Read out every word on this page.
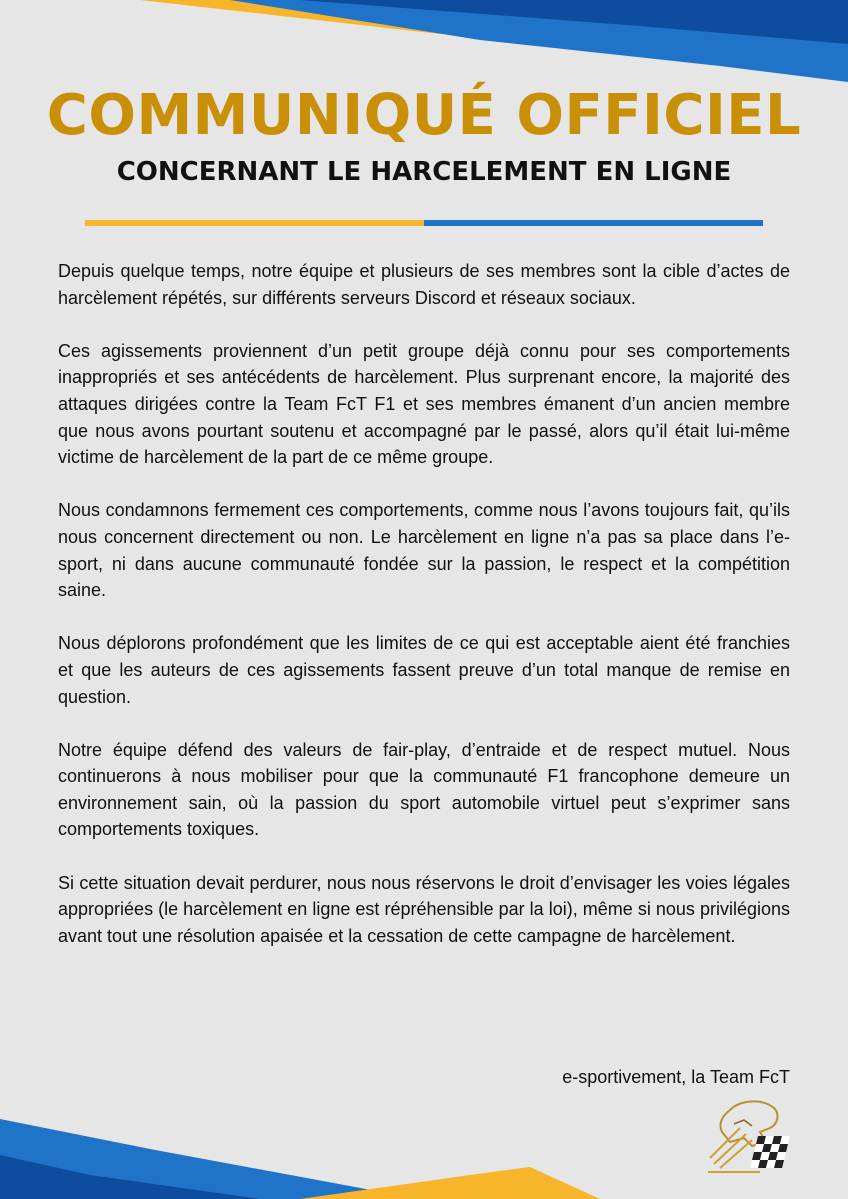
COMMUNIQUÉ OFFICIEL
CONCERNANT LE HARCELEMENT EN LIGNE

Depuis quelque temps, notre équipe et plusieurs de ses membres sont la cible d’actes de harcèlement répétés, sur différents serveurs Discord et réseaux sociaux.

Ces agissements proviennent d’un petit groupe déjà connu pour ses comportements inappropriés et ses antécédents de harcèlement. Plus surprenant encore, la majorité des attaques dirigées contre la Team FcT F1 et ses membres émanent d’un ancien membre que nous avons pourtant soutenu et accompagné par le passé, alors qu’il était lui-même victime de harcèlement de la part de ce même groupe.

Nous condamnons fermement ces comportements, comme nous l’avons toujours fait, qu’ils nous concernent directement ou non. Le harcèlement en ligne n’a pas sa place dans l’e-sport, ni dans aucune communauté fondée sur la passion, le respect et la compétition saine.

Nous déplorons profondément que les limites de ce qui est acceptable aient été franchies et que les auteurs de ces agissements fassent preuve d’un total manque de remise en question.

Notre équipe défend des valeurs de fair-play, d’entraide et de respect mutuel. Nous continuerons à nous mobiliser pour que la communauté F1 francophone demeure un environnement sain, où la passion du sport automobile virtuel peut s’exprimer sans comportements toxiques.

Si cette situation devait perdurer, nous nous réservons le droit d’envisager les voies légales appropriées (le harcèlement en ligne est répréhensible par la loi), même si nous privilégions avant tout une résolution apaisée et la cessation de cette campagne de harcèlement.

e-sportivement, la Team FcT
